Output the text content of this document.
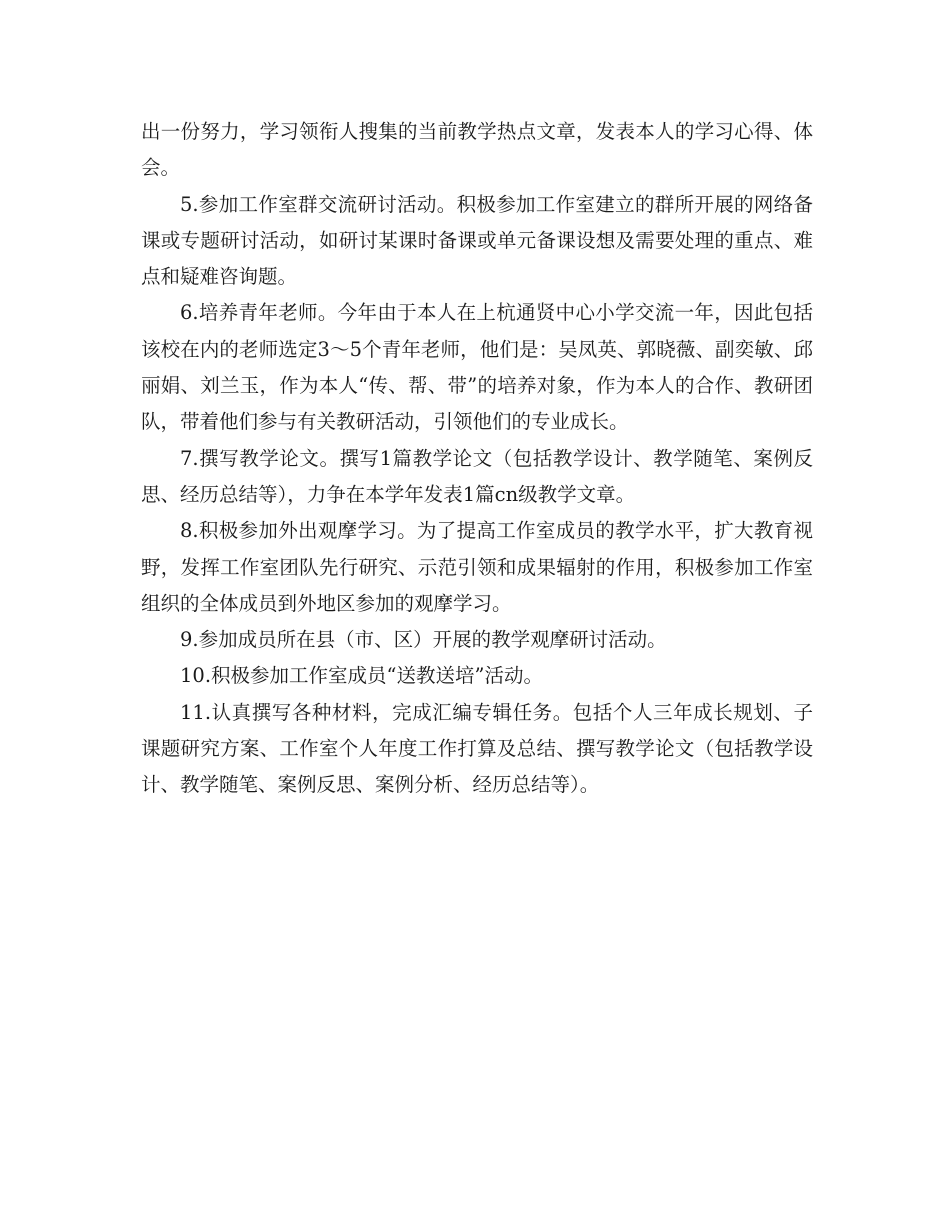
出一份努力，学习领衔人搜集的当前教学热点文章，发表本人的学习心得、体会。

5.参加工作室群交流研讨活动。积极参加工作室建立的群所开展的网络备课或专题研讨活动，如研讨某课时备课或单元备课设想及需要处理的重点、难点和疑难咨询题。

6.培养青年老师。今年由于本人在上杭通贤中心小学交流一年，因此包括该校在内的老师选定3～5个青年老师，他们是：吴凤英、郭晓薇、副奕敏、邱丽娟、刘兰玉，作为本人“传、帮、带”的培养对象，作为本人的合作、教研团队，带着他们参与有关教研活动，引领他们的专业成长。

7.撰写教学论文。撰写1篇教学论文（包括教学设计、教学随笔、案例反思、经历总结等），力争在本学年发表1篇cn级教学文章。

8.积极参加外出观摩学习。为了提高工作室成员的教学水平，扩大教育视野，发挥工作室团队先行研究、示范引领和成果辐射的作用，积极参加工作室组织的全体成员到外地区参加的观摩学习。

9.参加成员所在县（市、区）开展的教学观摩研讨活动。

10.积极参加工作室成员“送教送培”活动。

11.认真撰写各种材料，完成汇编专辑任务。包括个人三年成长规划、子课题研究方案、工作室个人年度工作打算及总结、撰写教学论文（包括教学设计、教学随笔、案例反思、案例分析、经历总结等）。
